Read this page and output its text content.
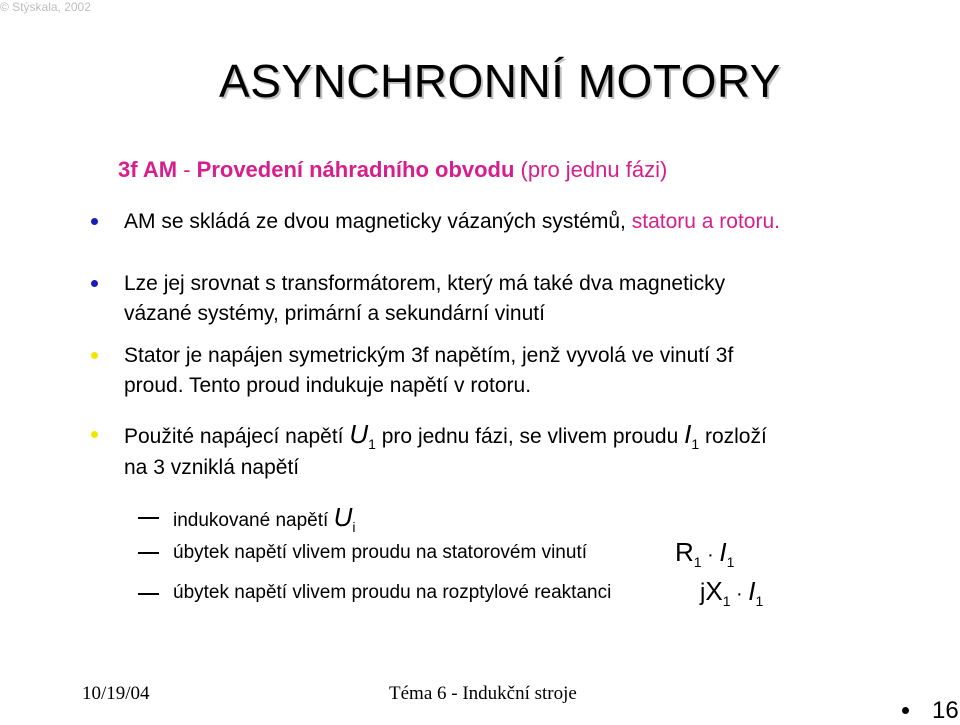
© Stýskala, 2002
ASYNCHRONNÍ MOTORY
3f AM - Provedení náhradního obvodu (pro jednu fázi)
AM se skládá ze dvou magneticky vázaných systémů, statoru a rotoru.
Lze jej srovnat s transformátorem, který má také dva magneticky
vázané systémy, primární a sekundární vinutí
Stator je napájen symetrickým 3f napětím, jenž vyvolá ve vinutí 3f
proud. Tento proud indukuje napětí v rotoru.
Použité napájecí napětí $U_1$ pro jednu fázi, se vlivem proudu $I_1$ rozloží
na 3 vzniklá napětí
indukované napětí $U_i$
úbytek napětí vlivem proudu na statorovém vinutí	$R_1 \cdot I_1$
úbytek napětí vlivem proudu na rozptylové reaktanci	$jX_1 \cdot I_1$
10/19/04	Téma 6 - Indukční stroje
16
